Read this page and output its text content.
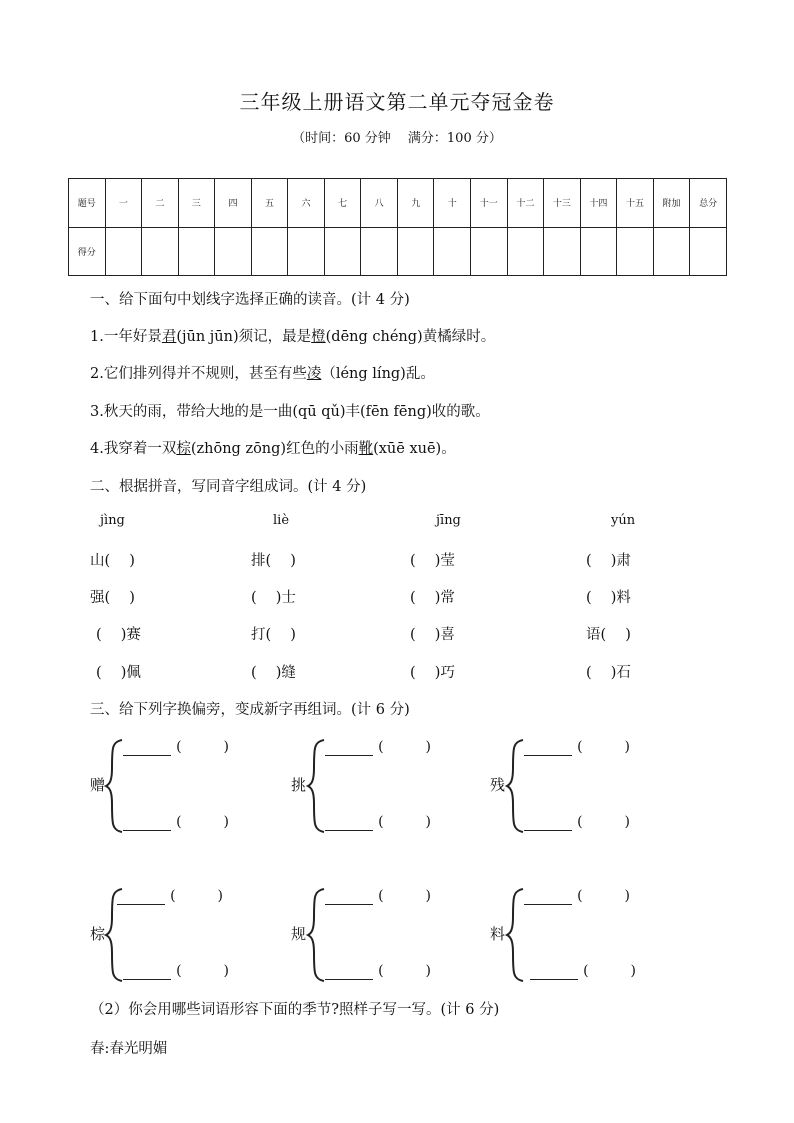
三年级上册语文第二单元夺冠金卷
（时间：60 分钟　 满分：100 分）
题号	一	二	三	四	五	六	七	八	九	十	十一	十二	十三	十四	十五	附加	总分
得分																	
一、给下面句中划线字选择正确的读音。(计 4 分)
1.一年好景君(jūn jūn)须记，最是橙(dēng chéng)黄橘绿时。
2.它们排列得并不规则，甚至有些凌（léng líng)乱。
3.秋天的雨，带给大地的是一曲(qū qǔ)丰(fēn fēng)收的歌。
4.我穿着一双棕(zhōng zōng)红色的小雨靴(xūē xuē)。
二、根据拼音，写同音字组成词。(计 4 分)
jìng	liè	jīng	yún
山(　 )	排(　 )	(　 )莹	(　 )肃
强(　 )	(　 )士	(　 )常	(　 )料
(　 )赛	打(　 )	(　 )喜	语(　 )
(　 )佩	(　 )缝	(　 )巧	(　 )石
三、给下列字换偏旁，变成新字再组词。(计 6 分)
赠
(　　　)
(　　　)
挑
(　　　)
(　　　)
残
(　　　)
(　　　)
棕
(　　　)
(　　　)
规
(　　　)
(　　　)
料
(　　　)
(　　　)
（2）你会用哪些词语形容下面的季节?照样子写一写。(计 6 分)
春:春光明媚
